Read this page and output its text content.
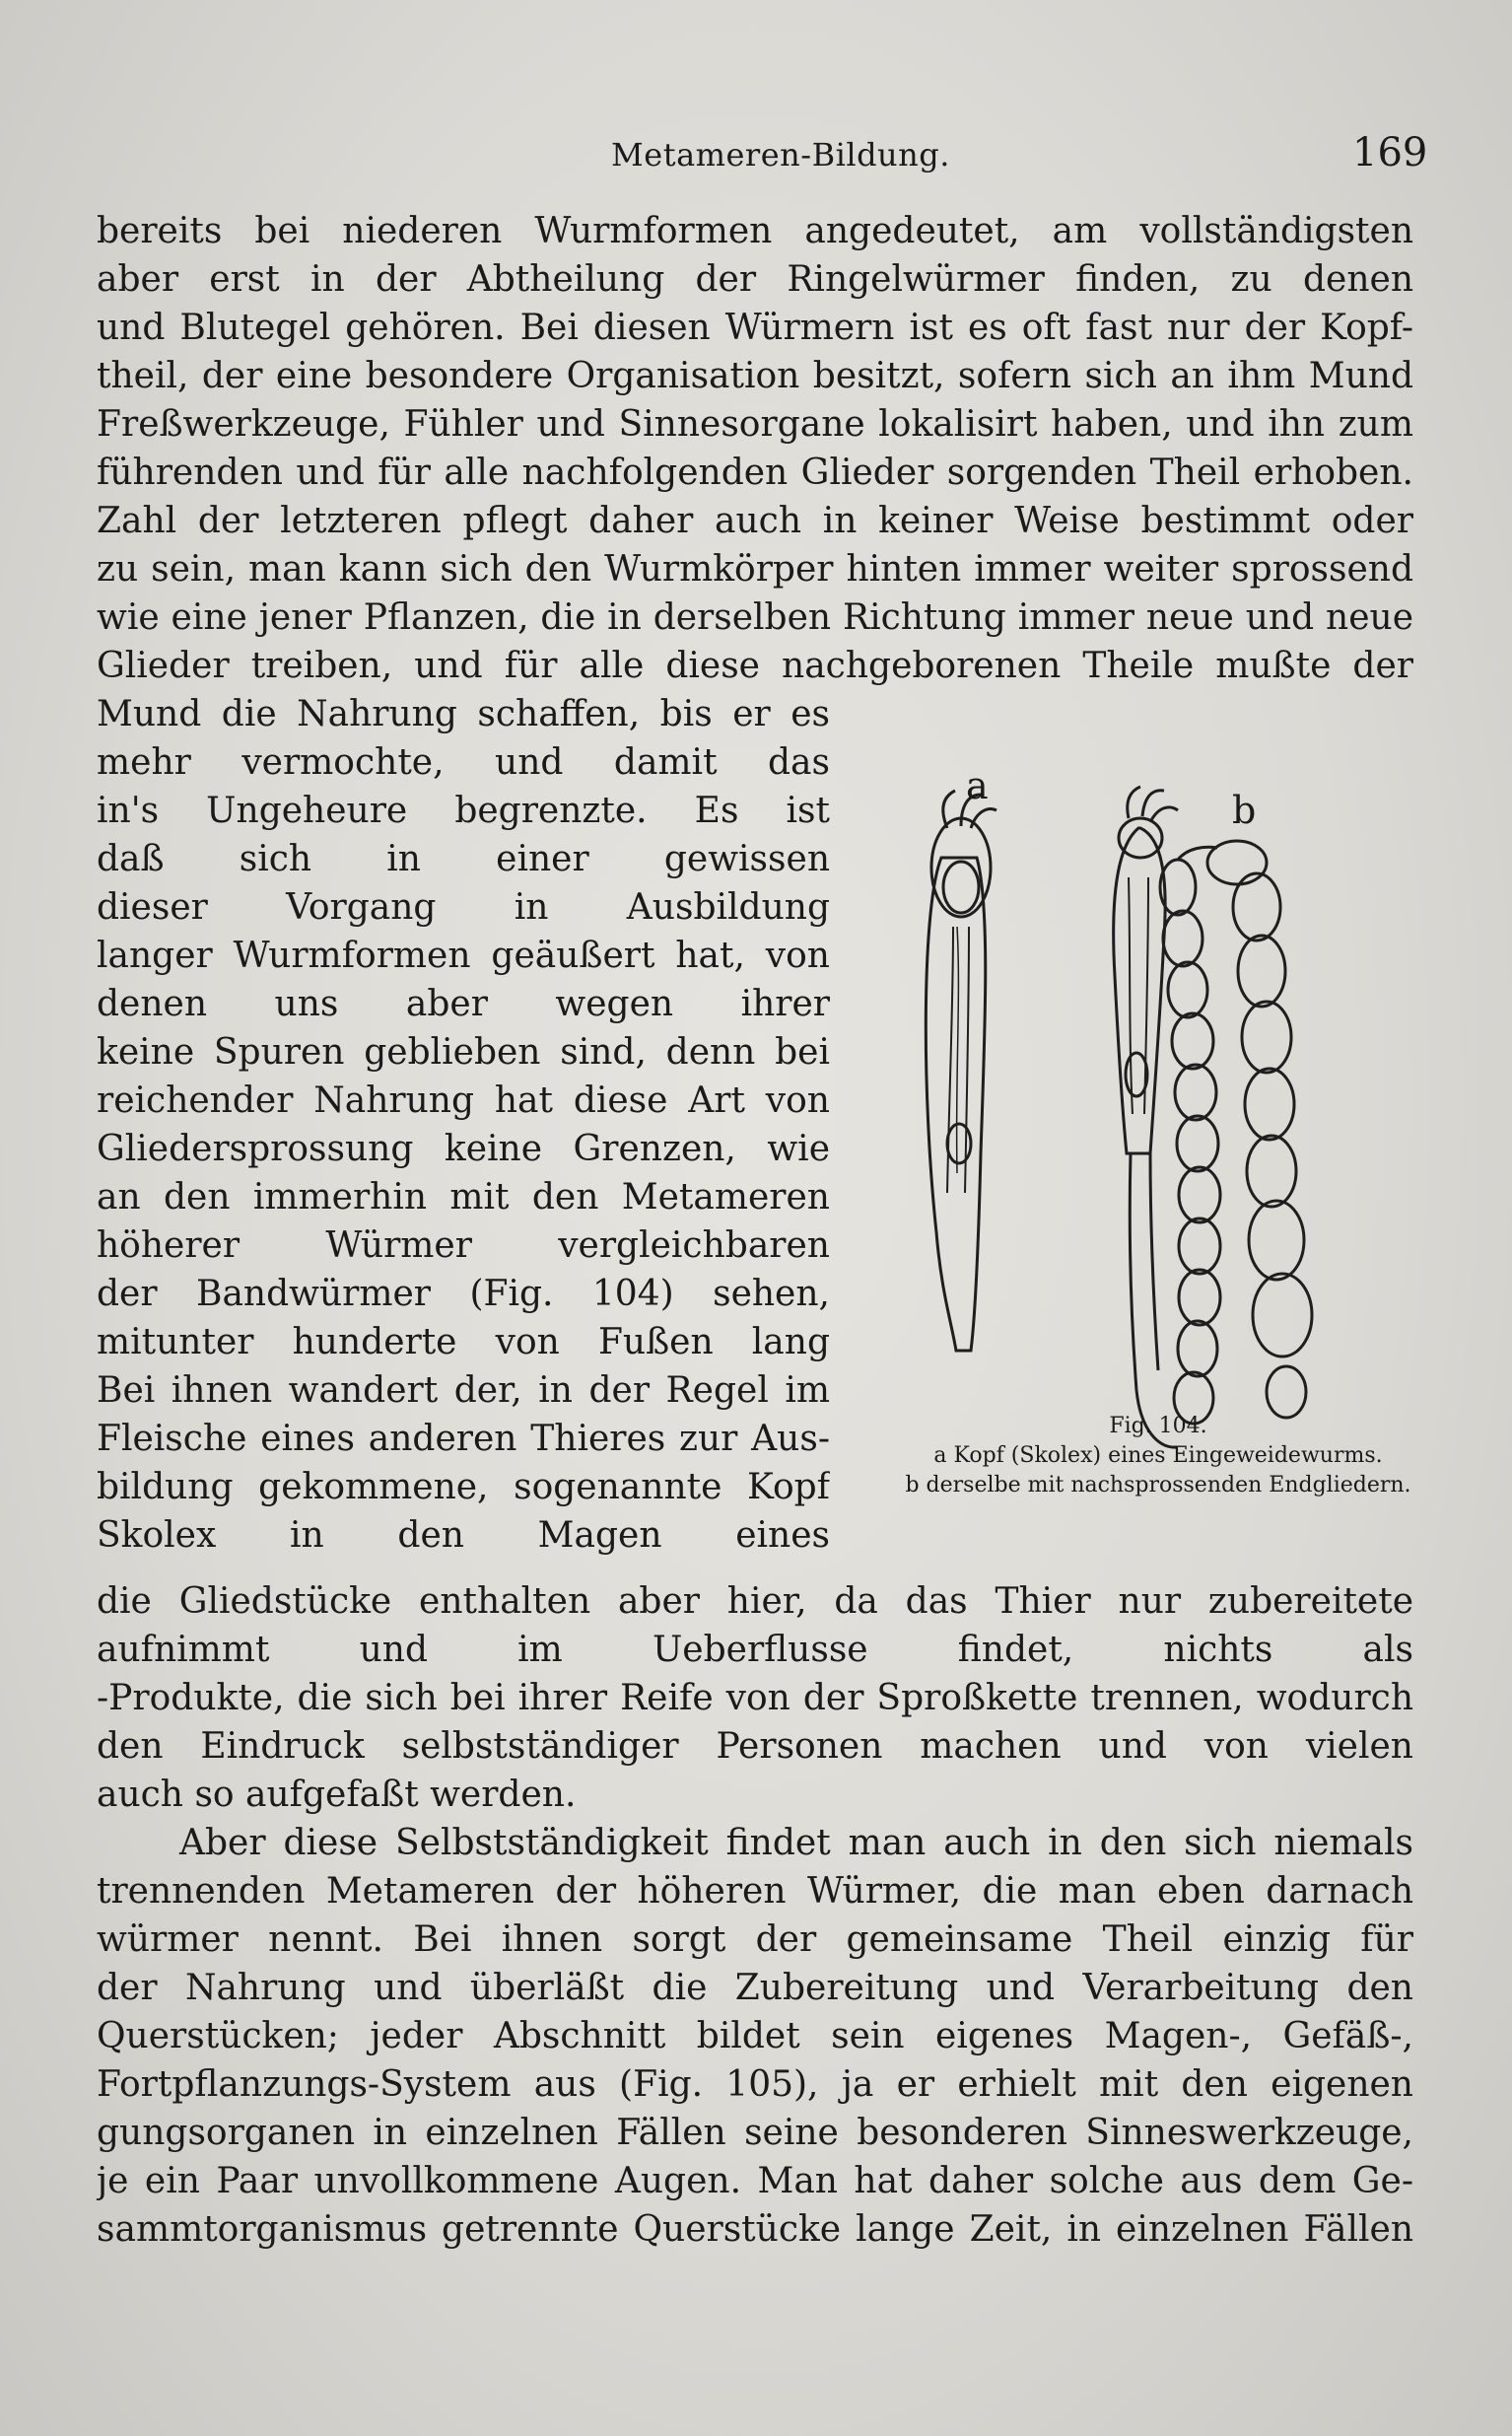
Metameren-Bildung.	169
bereits bei niederen Wurmformen angedeutet, am vollständigsten
aber erst in der Abtheilung der Ringelwürmer finden, zu denen
und Blutegel gehören. Bei diesen Würmern ist es oft fast nur der Kopf-
theil, der eine besondere Organisation besitzt, sofern sich an ihm Mund
Freßwerkzeuge, Fühler und Sinnesorgane lokalisirt haben, und ihn zum
führenden und für alle nachfolgenden Glieder sorgenden Theil erhoben.
Zahl der letzteren pflegt daher auch in keiner Weise bestimmt oder
zu sein, man kann sich den Wurmkörper hinten immer weiter sprossend
wie eine jener Pflanzen, die in derselben Richtung immer neue und neue
Glieder treiben, und für alle diese nachgeborenen Theile mußte der
Mund die Nahrung schaffen, bis er es
mehr vermochte, und damit das
in's Ungeheure begrenzte. Es ist
daß sich in einer gewissen
dieser Vorgang in Ausbildung
langer Wurmformen geäußert hat, von
denen uns aber wegen ihrer
keine Spuren geblieben sind, denn bei
reichender Nahrung hat diese Art von
Gliedersprossung keine Grenzen, wie
an den immerhin mit den Metameren
höherer Würmer vergleichbaren
der Bandwürmer (Fig. 104) sehen,
mitunter hunderte von Fußen lang
Bei ihnen wandert der, in der Regel im
Fleische eines anderen Thieres zur Aus-
bildung gekommene, sogenannte Kopf
Skolex in den Magen eines
die Gliedstücke enthalten aber hier, da das Thier nur zubereitete
aufnimmt und im Ueberflusse findet, nichts als
-Produkte, die sich bei ihrer Reife von der Sproßkette trennen, wodurch
den Eindruck selbstständiger Personen machen und von vielen
auch so aufgefaßt werden.
Aber diese Selbstständigkeit findet man auch in den sich niemals
trennenden Metameren der höheren Würmer, die man eben darnach
würmer nennt. Bei ihnen sorgt der gemeinsame Theil einzig für
der Nahrung und überläßt die Zubereitung und Verarbeitung den
Querstücken; jeder Abschnitt bildet sein eigenes Magen-, Gefäß-,
Fortpflanzungs-System aus (Fig. 105), ja er erhielt mit den eigenen
gungsorganen in einzelnen Fällen seine besonderen Sinneswerkzeuge,
je ein Paar unvollkommene Augen. Man hat daher solche aus dem Ge-
sammtorganismus getrennte Querstücke lange Zeit, in einzelnen Fällen
a
b
Fig. 104.
a Kopf (Skolex) eines Eingeweidewurms.
b derselbe mit nachsprossenden Endgliedern.
